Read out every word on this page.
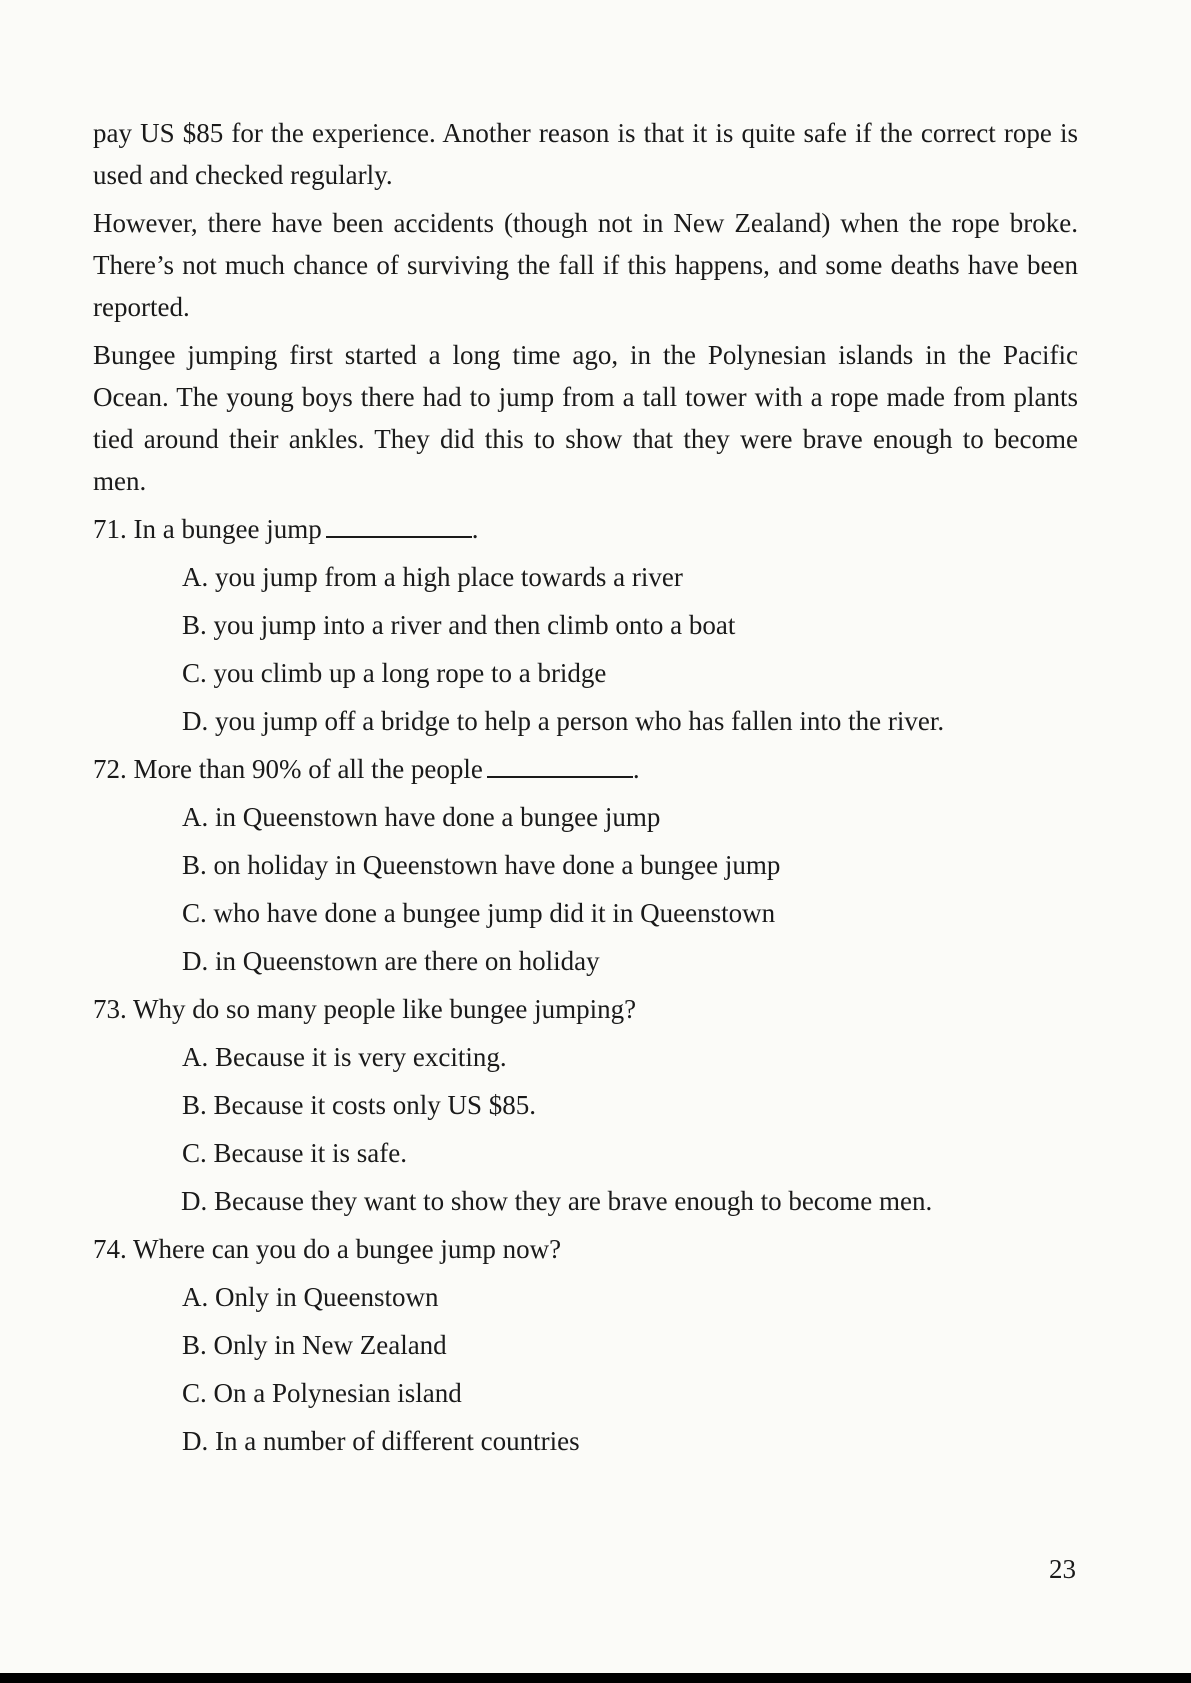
pay US $85 for the experience. Another reason is that it is quite safe if the correct rope is used and checked regularly.

However, there have been accidents (though not in New Zealand) when the rope broke. There’s not much chance of surviving the fall if this happens, and some deaths have been reported.

Bungee jumping first started a long time ago, in the Polynesian islands in the Pacific Ocean. The young boys there had to jump from a tall tower with a rope made from plants tied around their ankles. They did this to show that they were brave enough to become men.

71. In a bungee jump	.
A. you jump from a high place towards a river
B. you jump into a river and then climb onto a boat
C. you climb up a long rope to a bridge
D. you jump off a bridge to help a person who has fallen into the river.
72. More than 90% of all the people	.
A. in Queenstown have done a bungee jump
B. on holiday in Queenstown have done a bungee jump
C. who have done a bungee jump did it in Queenstown
D. in Queenstown are there on holiday
73. Why do so many people like bungee jumping?
A. Because it is very exciting.
B. Because it costs only US $85.
C. Because it is safe.
D. Because they want to show they are brave enough to become men.
74. Where can you do a bungee jump now?
A. Only in Queenstown
B. Only in New Zealand
C. On a Polynesian island
D. In a number of different countries
23
